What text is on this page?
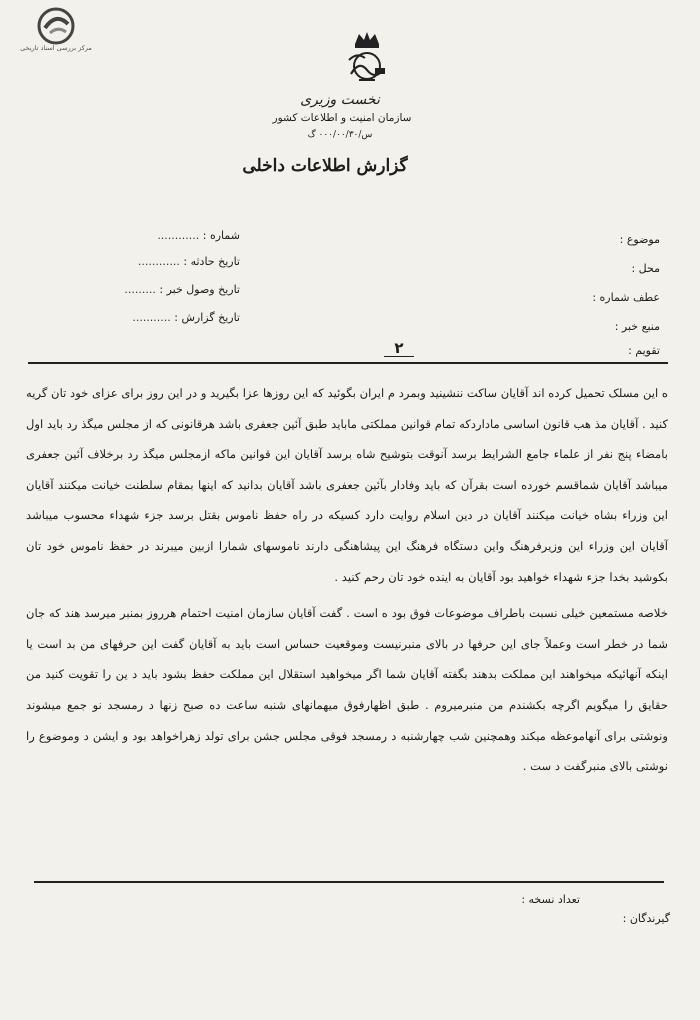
مرکز بررسی اسناد تاریخی
نخست وزیری
سازمان امنیت و اطلاعات کشور
س/۰۰۰/۰۰/۳۰ گ
گزارش اطلاعات داخلی
شماره : ............
تاریخ حادثه : ............
تاریخ وصول خبر : .........
تاریخ گزارش : ...........
موضوع :
محل :
عطف شماره :
منبع خبر :
تقویم :
۲

ه این مسلک تحمیل کرده اند آقایان ساکت ننشینید وبمرد م ایران بگوئید که این روزها عزا بگیرید و در این روز برای عزای خود تان گریه کنید . آقایان مذ هب قانون اساسی ماداردکه تمام قوانین مملکتی ماباید طبق آئین جعفری باشد هرقانونی که از مجلس میگذ رد باید اول بامضاء پنج نفر از علماء جامع الشرایط برسد آنوقت بتوشیح شاه برسد آقایان این قوانین ماکه ازمجلس میگذ رد برخلاف آئین جعفری میباشد آقایان شماقسم خورده است بقرآن که باید وفادار بآئین جعفری باشد آقایان بدانید که اینها بمقام سلطنت خیانت میکنند آقایان این وزراء بشاه خیانت میکنند آقایان در دین اسلام روایت دارد کسیکه در راه حفظ ناموس بقتل برسد جزء شهداء محسوب میباشد آقایان این وزراء این وزیرفرهنگ واین دستگاه فرهنگ این پیشاهنگی دارند ناموسهای شمارا ازبین میبرند در حفظ ناموس خود تان بکوشید بخدا جزء شهداء خواهید بود آقایان به اینده خود تان رحم کنید .

خلاصه مستمعین خیلی نسبت باطراف موضوعات فوق بود ه است . گفت آقایان سازمان امنیت احتمام هرروز بمنبر میرسد هند که جان شما در خطر است وعملاً جای این حرفها در بالای منبرنیست وموقعیت حساس است باید به آقایان گفت این حرفهای من بد است یا اینکه آنهائیکه میخواهند این مملکت بدهند بگفته آقایان شما اگر میخواهید استقلال این مملکت حفظ بشود باید د ین را تقویت کنید من حقایق را میگویم اگرچه بکشندم من منبرمیروم . طبق اظهارفوق میهمانهای شنبه ساعت ده صبح زنها د رمسجد نو جمع میشوند ونوشتی برای آنهاموعظه میکند وهمچنین شب چهارشنبه د رمسجد فوقی مجلس جشن برای تولد زهراخواهد بود و ایشن د وموضوع را نوشتی بالای منبرگفت د ست .

تعداد نسخه :
گیرندگان :
